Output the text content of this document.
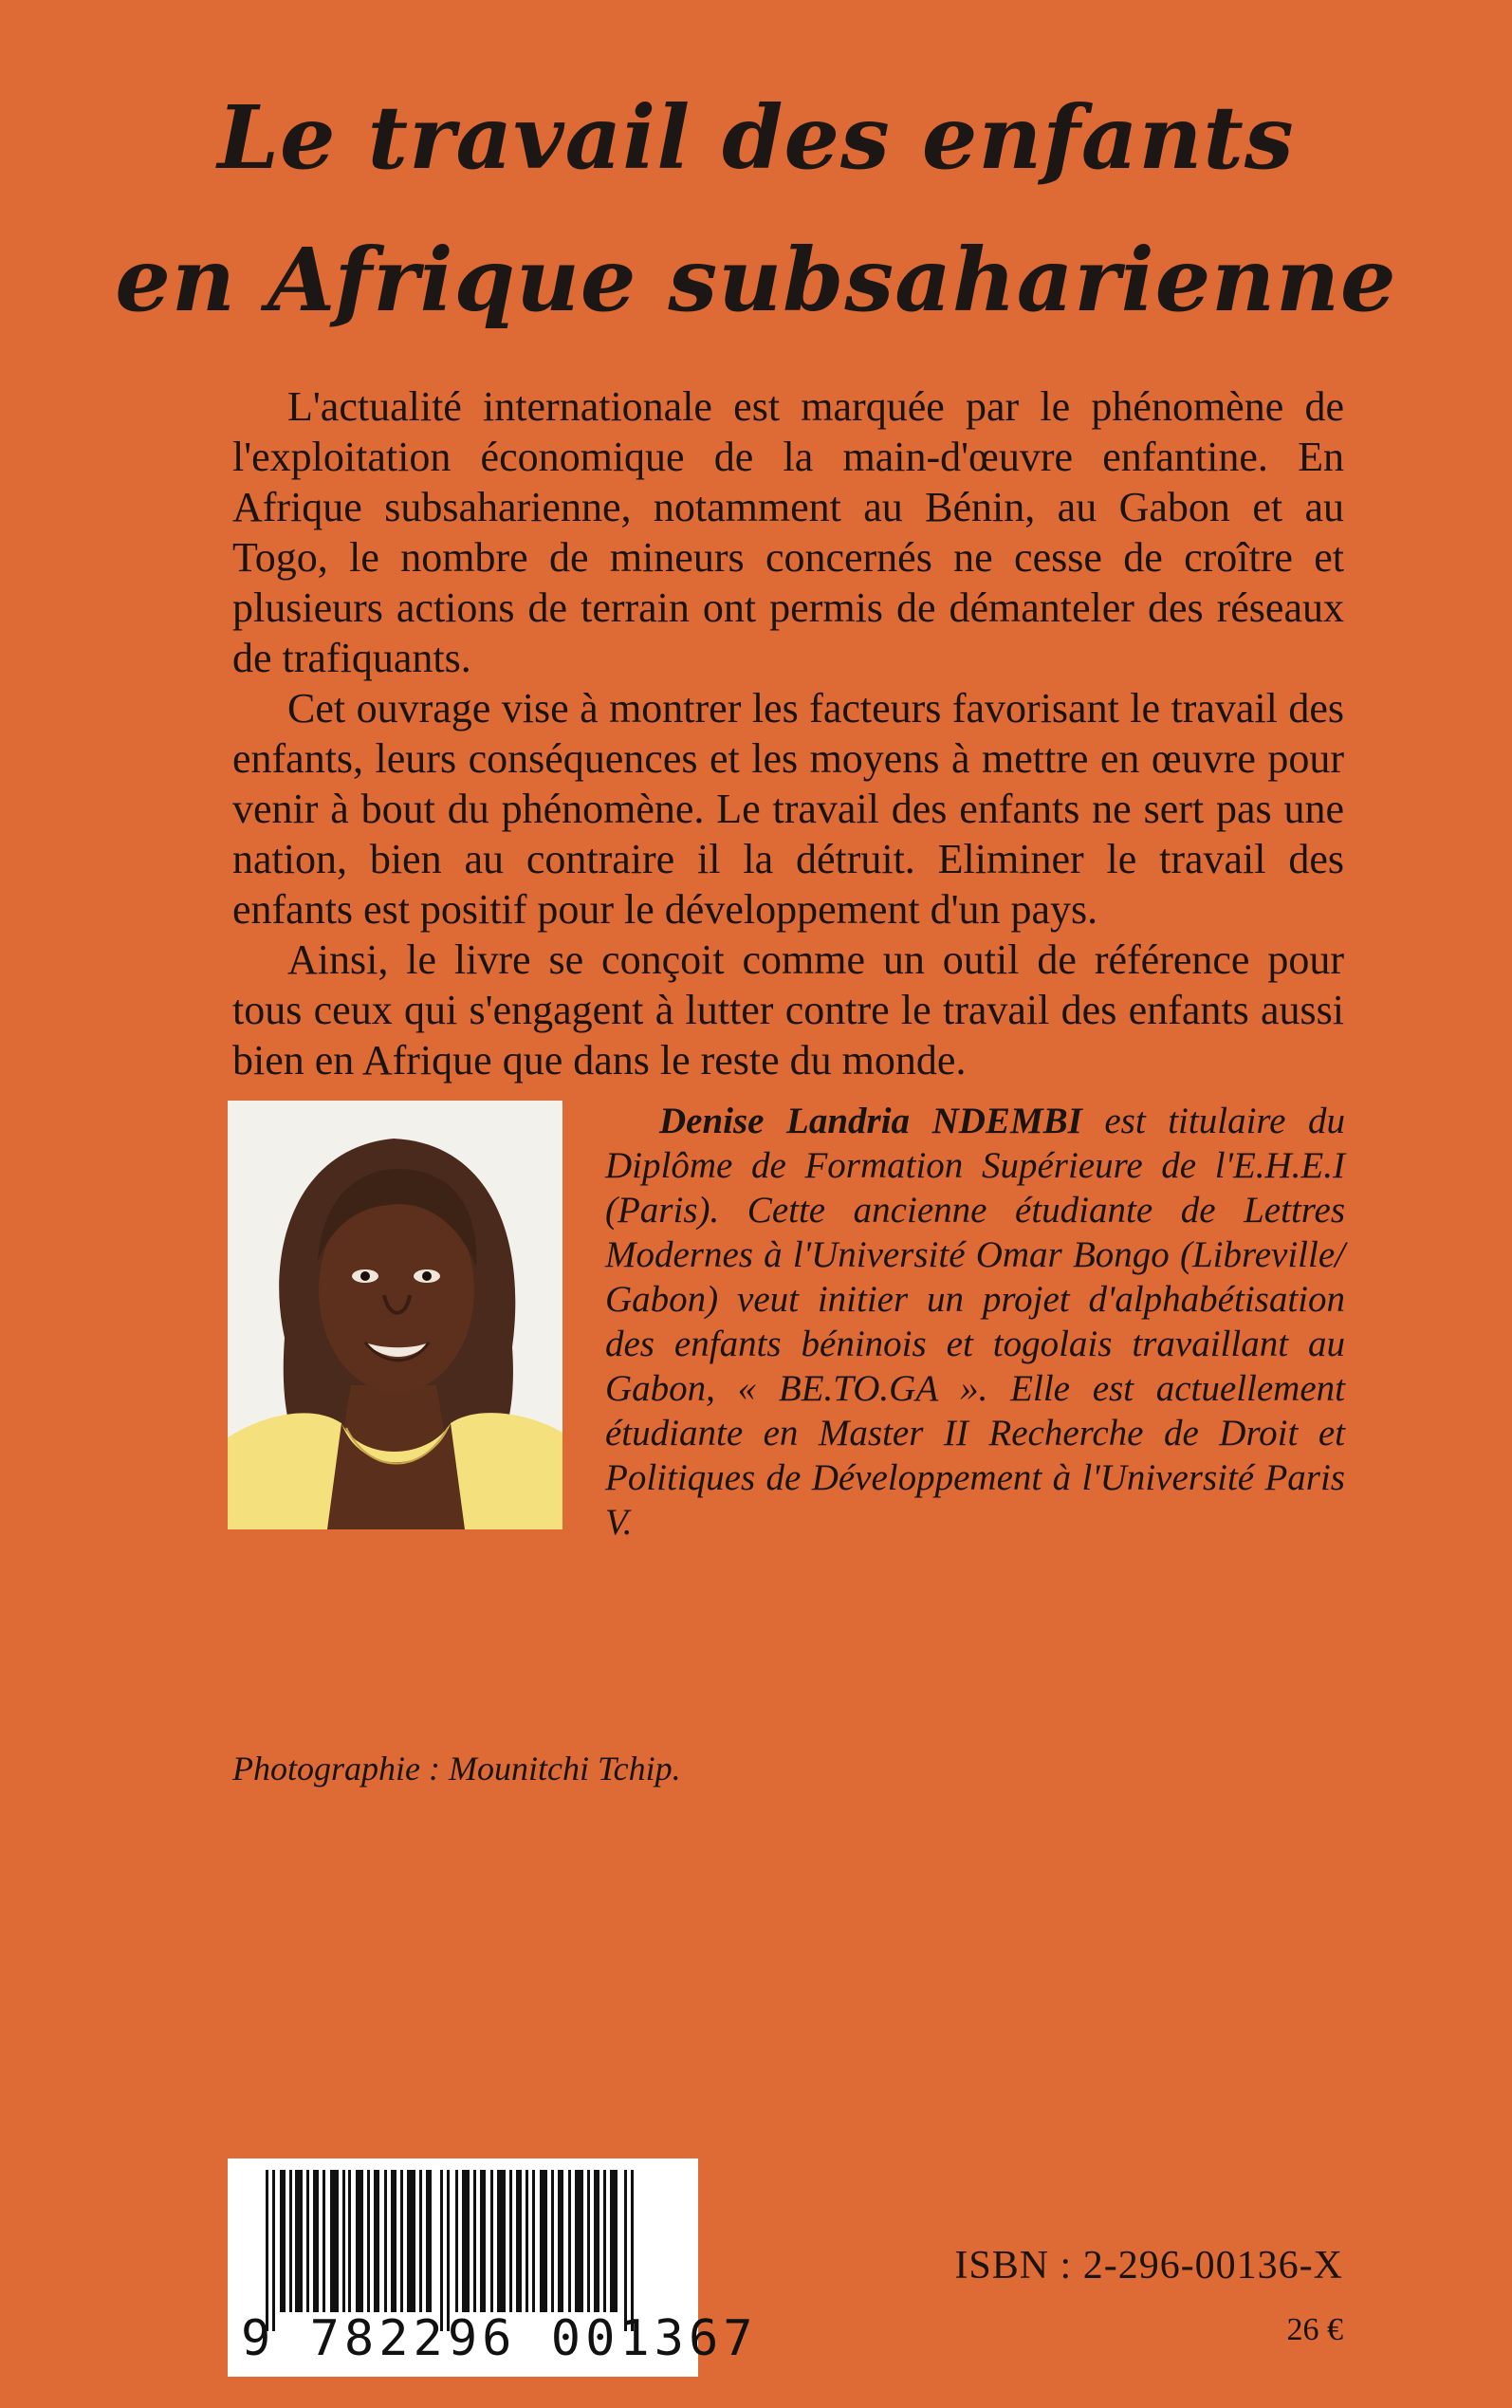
Le travail des enfants
en Afrique subsaharienne

L'actualité internationale est marquée par le phénomène de l'exploitation économique de la main-d'œuvre enfantine. En Afrique subsaharienne, notamment au Bénin, au Gabon et au Togo, le nombre de mineurs concernés ne cesse de croître et plusieurs actions de terrain ont permis de démanteler des réseaux de trafiquants.

Cet ouvrage vise à montrer les facteurs favorisant le travail des enfants, leurs conséquences et les moyens à mettre en œuvre pour venir à bout du phénomène. Le travail des enfants ne sert pas une nation, bien au contraire il la détruit. Eliminer le travail des enfants est positif pour le développement d'un pays.

Ainsi, le livre se conçoit comme un outil de référence pour tous ceux qui s'engagent à lutter contre le travail des enfants aussi bien en Afrique que dans le reste du monde.

Denise Landria NDEMBI est titulaire du Diplôme de Formation Supérieure de l'E.H.E.I (Paris). Cette ancienne étudiante de Lettres Modernes à l'Université Omar Bongo (Libreville/ Gabon) veut initier un projet d'alphabétisation des enfants béninois et togolais travaillant au Gabon, « BE.TO.GA ». Elle est actuellement étudiante en Master II Recherche de Droit et Politiques de Développement à l'Université Paris V.

Photographie : Mounitchi Tchip.

9 782296 001367

ISBN : 2-296-00136-X

26 €
